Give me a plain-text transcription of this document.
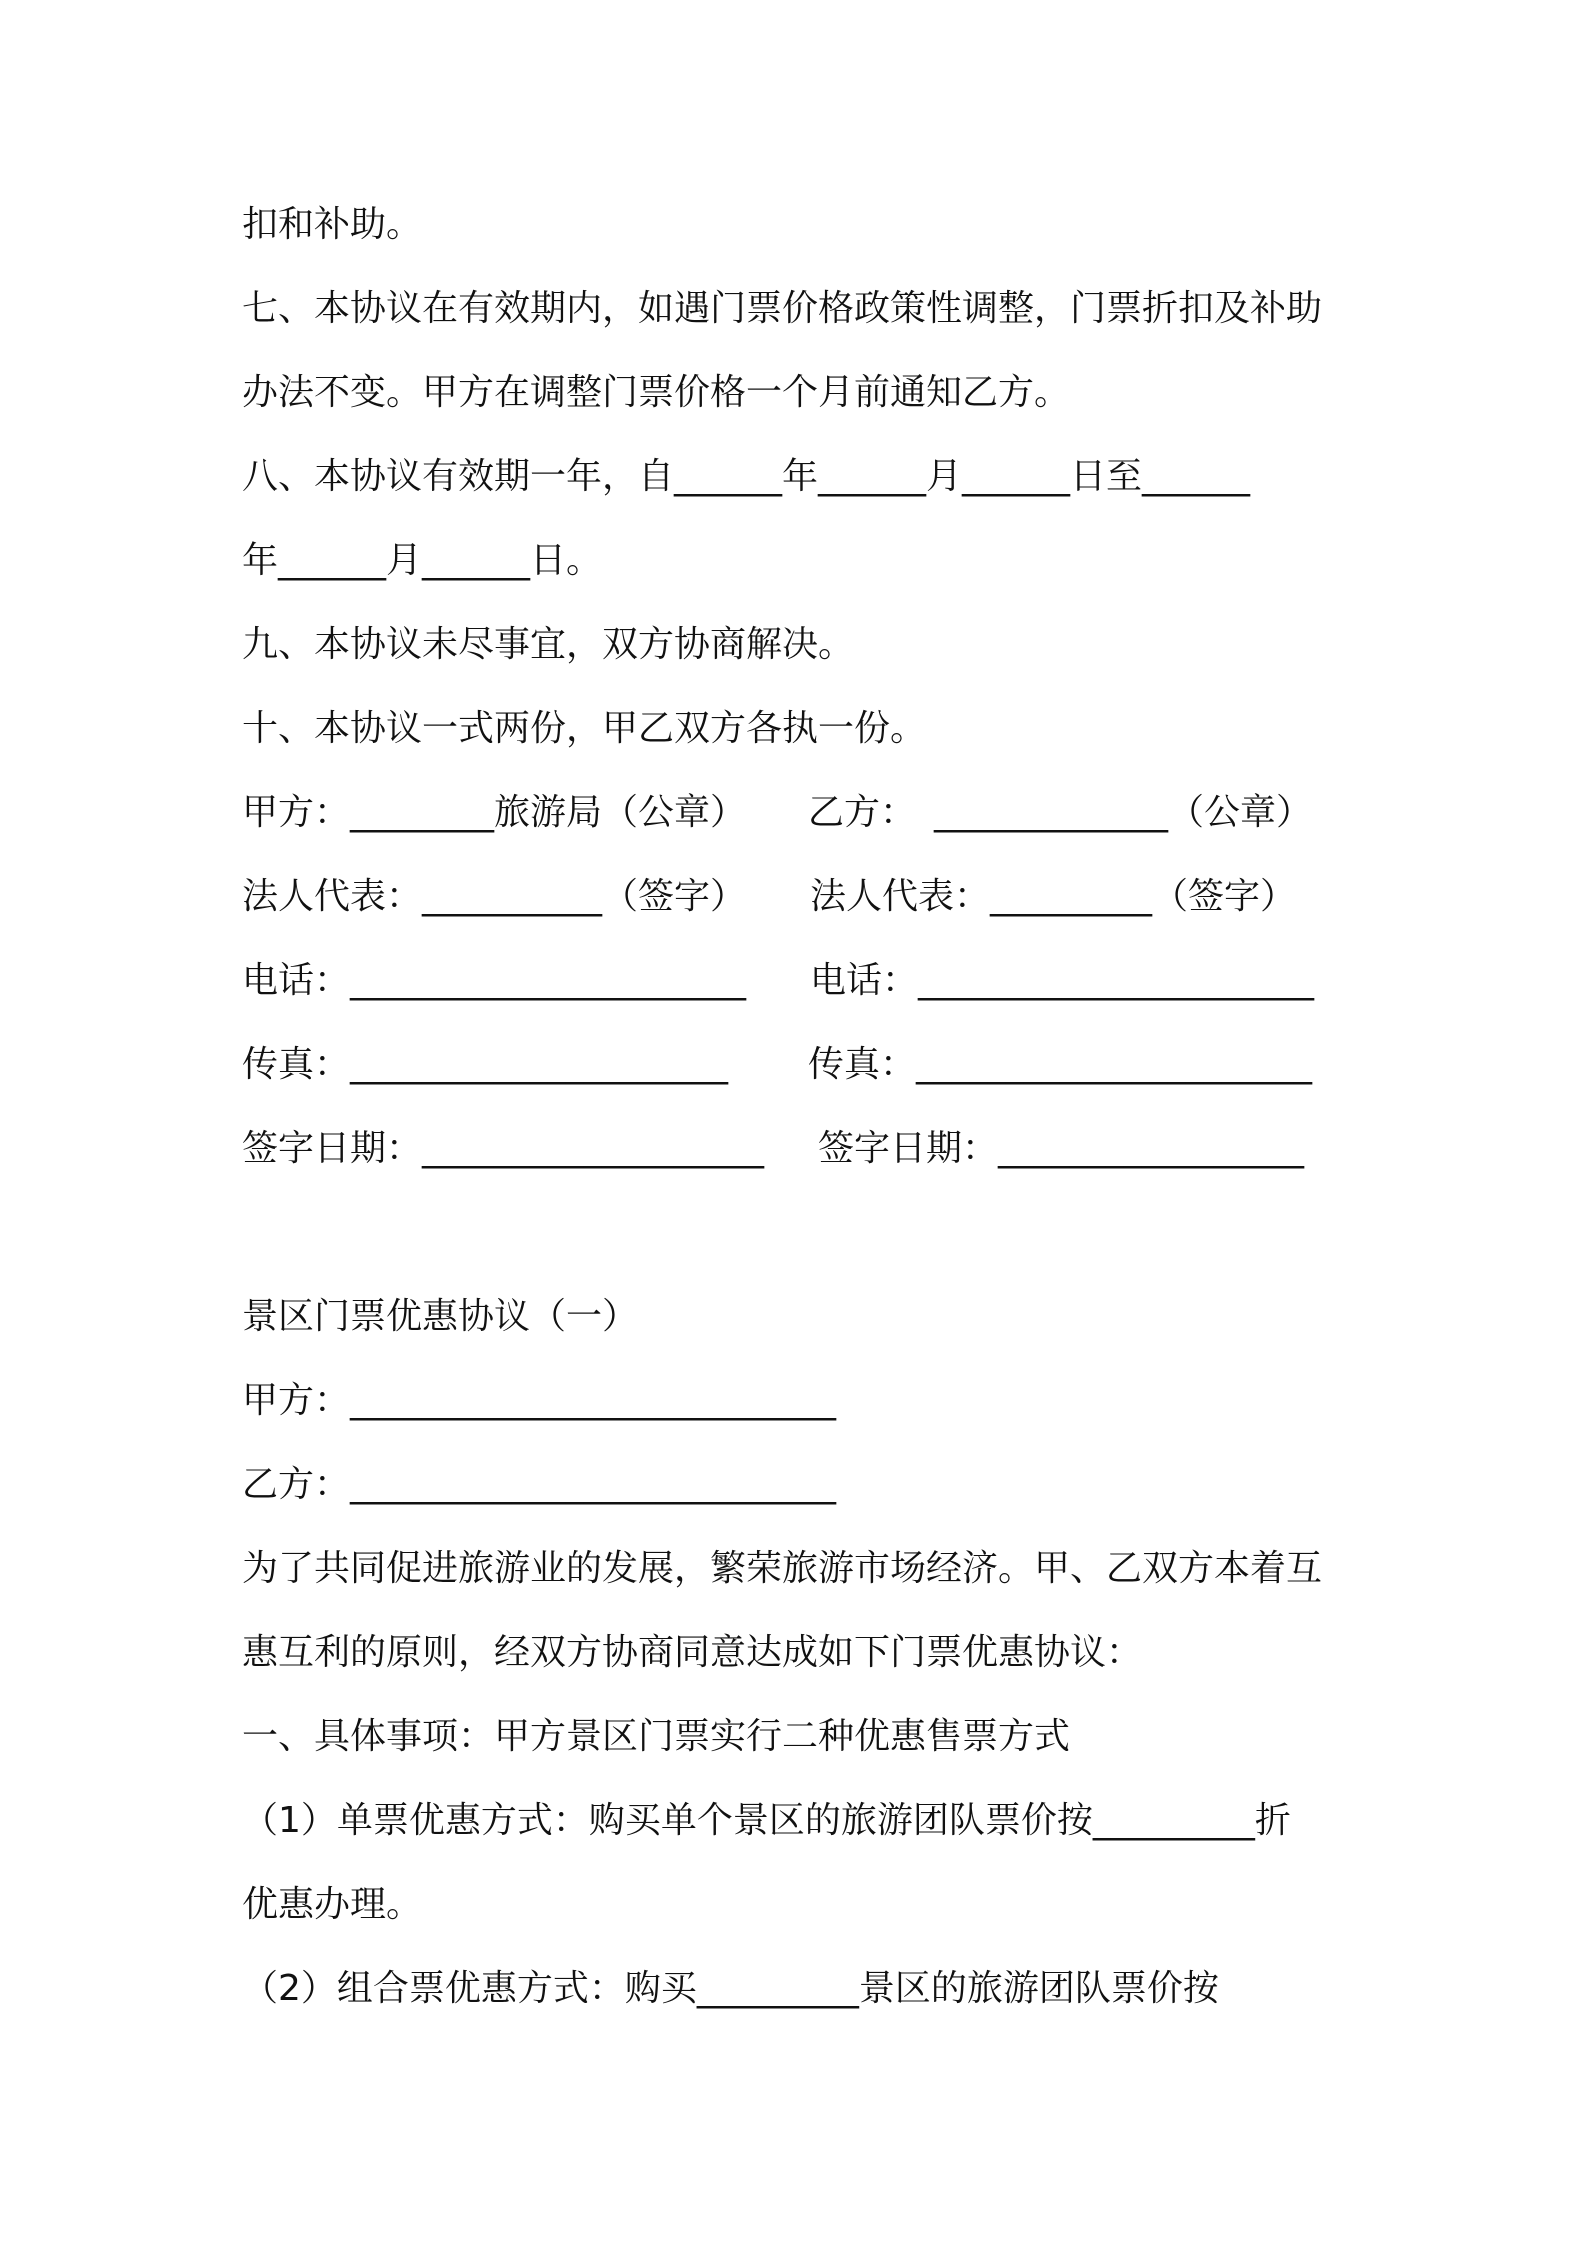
扣和补助。

七、本协议在有效期内，如遇门票价格政策性调整，门票折扣及补助

办法不变。甲方在调整门票价格一个月前通知乙方。

八、本协议有效期一年，自______年______月______日至______

年______月______日。

九、本协议未尽事宜，双方协商解决。

十、本协议一式两份，甲乙双方各执一份。

甲方：________旅游局（公章） 乙方：　_____________（公章）
法人代表：__________（签字） 法人代表：_________（签字）
电话：______________________ 电话：______________________
传真：_____________________ 传真：______________________
签字日期：___________________ 签字日期：_________________

景区门票优惠协议（一）

甲方：___________________________

乙方：___________________________

为了共同促进旅游业的发展，繁荣旅游市场经济。甲、乙双方本着互

惠互利的原则，经双方协商同意达成如下门票优惠协议：

一、具体事项：甲方景区门票实行二种优惠售票方式

（1）单票优惠方式：购买单个景区的旅游团队票价按_________折

优惠办理。

（2）组合票优惠方式：购买_________景区的旅游团队票价按
